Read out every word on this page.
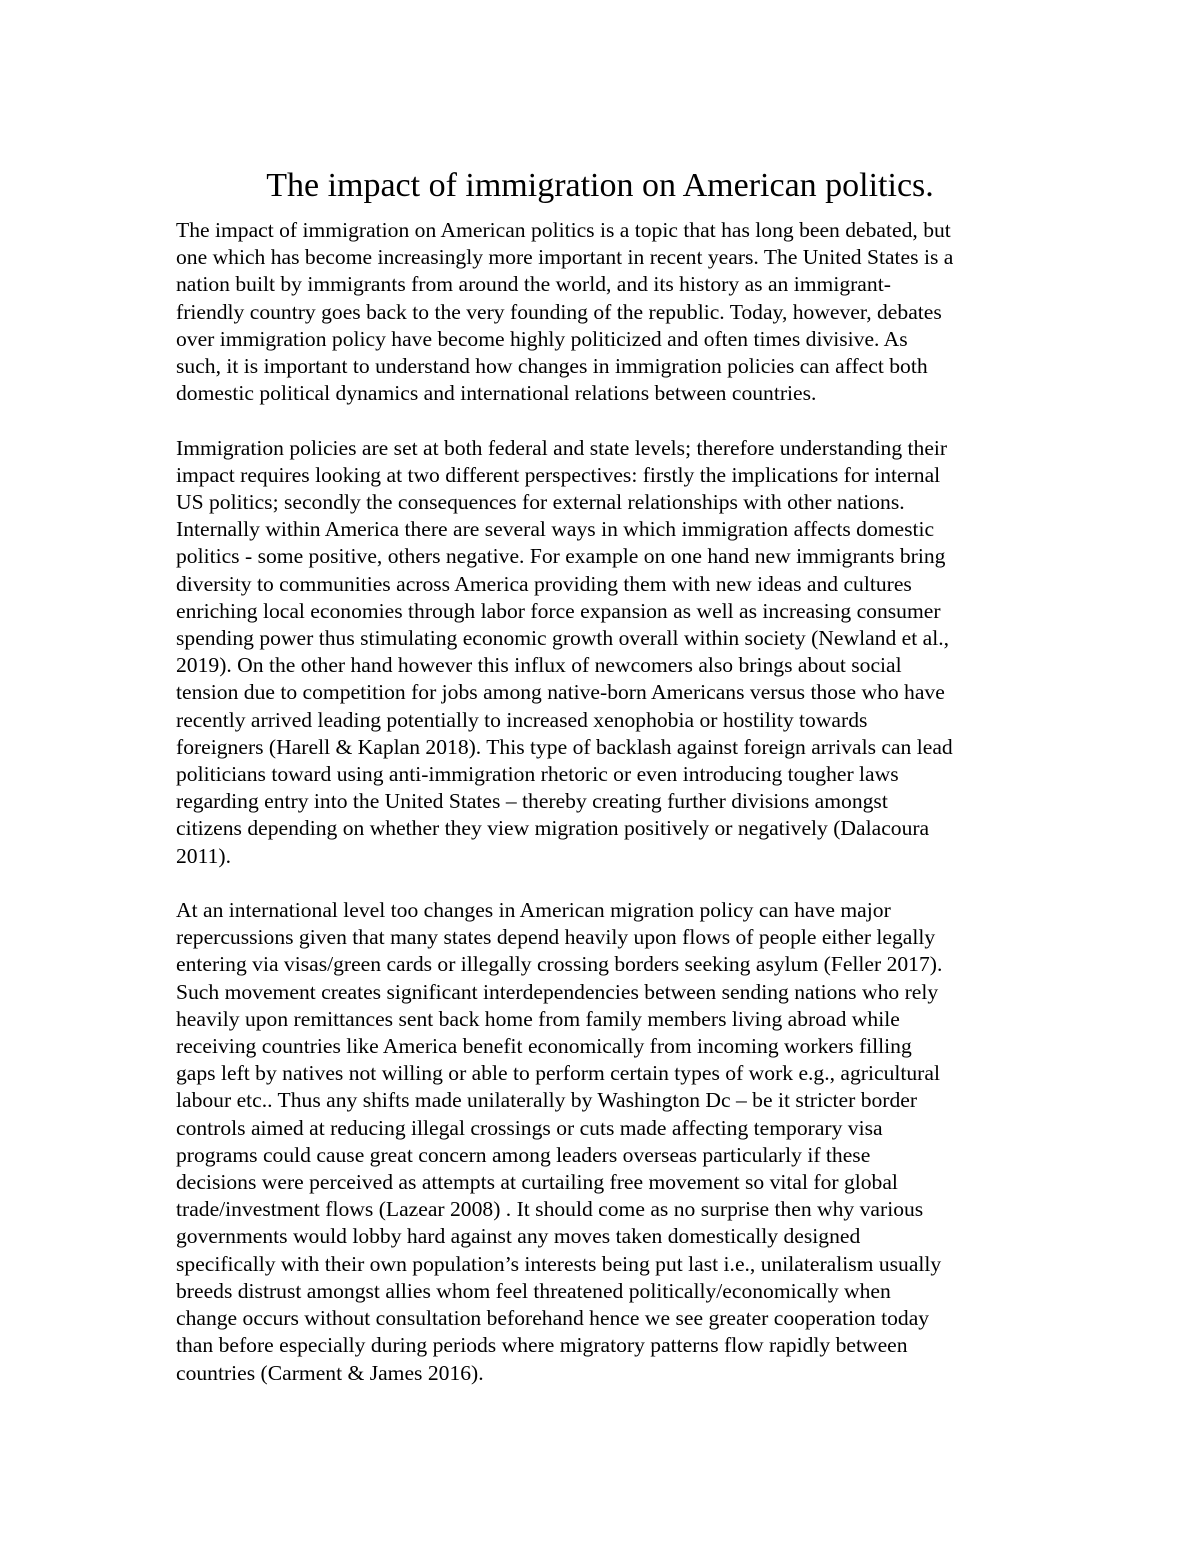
The impact of immigration on American politics.

The impact of immigration on American politics is a topic that has long been debated, but
one which has become increasingly more important in recent years. The United States is a
nation built by immigrants from around the world, and its history as an immigrant-
friendly country goes back to the very founding of the republic. Today, however, debates
over immigration policy have become highly politicized and often times divisive. As
such, it is important to understand how changes in immigration policies can affect both
domestic political dynamics and international relations between countries.

Immigration policies are set at both federal and state levels; therefore understanding their
impact requires looking at two different perspectives: firstly the implications for internal
US politics; secondly the consequences for external relationships with other nations.
Internally within America there are several ways in which immigration affects domestic
politics - some positive, others negative. For example on one hand new immigrants bring
diversity to communities across America providing them with new ideas and cultures
enriching local economies through labor force expansion as well as increasing consumer
spending power thus stimulating economic growth overall within society (Newland et al.,
2019). On the other hand however this influx of newcomers also brings about social
tension due to competition for jobs among native-born Americans versus those who have
recently arrived leading potentially to increased xenophobia or hostility towards
foreigners (Harell & Kaplan 2018). This type of backlash against foreign arrivals can lead
politicians toward using anti-immigration rhetoric or even introducing tougher laws
regarding entry into the United States – thereby creating further divisions amongst
citizens depending on whether they view migration positively or negatively (Dalacoura
2011).

At an international level too changes in American migration policy can have major
repercussions given that many states depend heavily upon flows of people either legally
entering via visas/green cards or illegally crossing borders seeking asylum (Feller 2017).
Such movement creates significant interdependencies between sending nations who rely
heavily upon remittances sent back home from family members living abroad while
receiving countries like America benefit economically from incoming workers filling
gaps left by natives not willing or able to perform certain types of work e.g., agricultural
labour etc.. Thus any shifts made unilaterally by Washington Dc – be it stricter border
controls aimed at reducing illegal crossings or cuts made affecting temporary visa
programs could cause great concern among leaders overseas particularly if these
decisions were perceived as attempts at curtailing free movement so vital for global
trade/investment flows (Lazear 2008) . It should come as no surprise then why various
governments would lobby hard against any moves taken domestically designed
specifically with their own population’s interests being put last i.e., unilateralism usually
breeds distrust amongst allies whom feel threatened politically/economically when
change occurs without consultation beforehand hence we see greater cooperation today
than before especially during periods where migratory patterns flow rapidly between
countries (Carment & James 2016).
